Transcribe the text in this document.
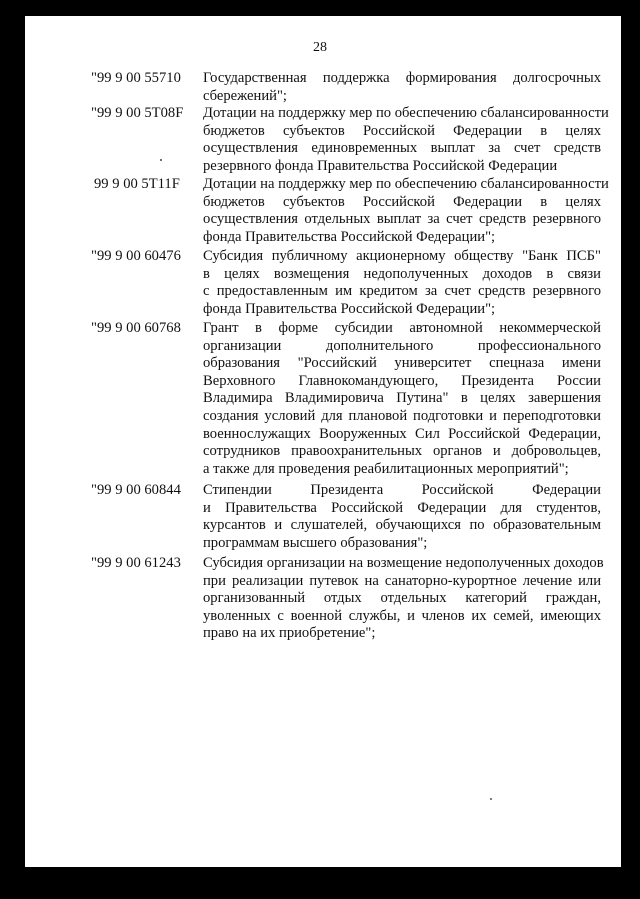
28
"99 9 00 55710	Государственная поддержка формирования долгосрочных
сбережений";
"99 9 00 5Т08F	Дотации на поддержку мер по обеспечению сбалансированности
бюджетов субъектов Российской Федерации в целях
осуществления единовременных выплат за счет средств
резервного фонда Правительства Российской Федерации
99 9 00 5Т11F	Дотации на поддержку мер по обеспечению сбалансированности
бюджетов субъектов Российской Федерации в целях
осуществления отдельных выплат за счет средств резервного
фонда Правительства Российской Федерации";
"99 9 00 60476	Субсидия публичному акционерному обществу "Банк ПСБ"
в целях возмещения недополученных доходов в связи
с предоставленным им кредитом за счет средств резервного
фонда Правительства Российской Федерации";
"99 9 00 60768	Грант в форме субсидии автономной некоммерческой
организации дополнительного профессионального
образования "Российский университет спецназа имени
Верховного Главнокомандующего, Президента России
Владимира Владимировича Путина" в целях завершения
создания условий для плановой подготовки и переподготовки
военнослужащих Вооруженных Сил Российской Федерации,
сотрудников правоохранительных органов и добровольцев,
а также для проведения реабилитационных мероприятий";
"99 9 00 60844	Стипендии Президента Российской Федерации
и Правительства Российской Федерации для студентов,
курсантов и слушателей, обучающихся по образовательным
программам высшего образования";
"99 9 00 61243	Субсидия организации на возмещение недополученных доходов
при реализации путевок на санаторно-курортное лечение или
организованный отдых отдельных категорий граждан,
уволенных с военной службы, и членов их семей, имеющих
право на их приобретение";
